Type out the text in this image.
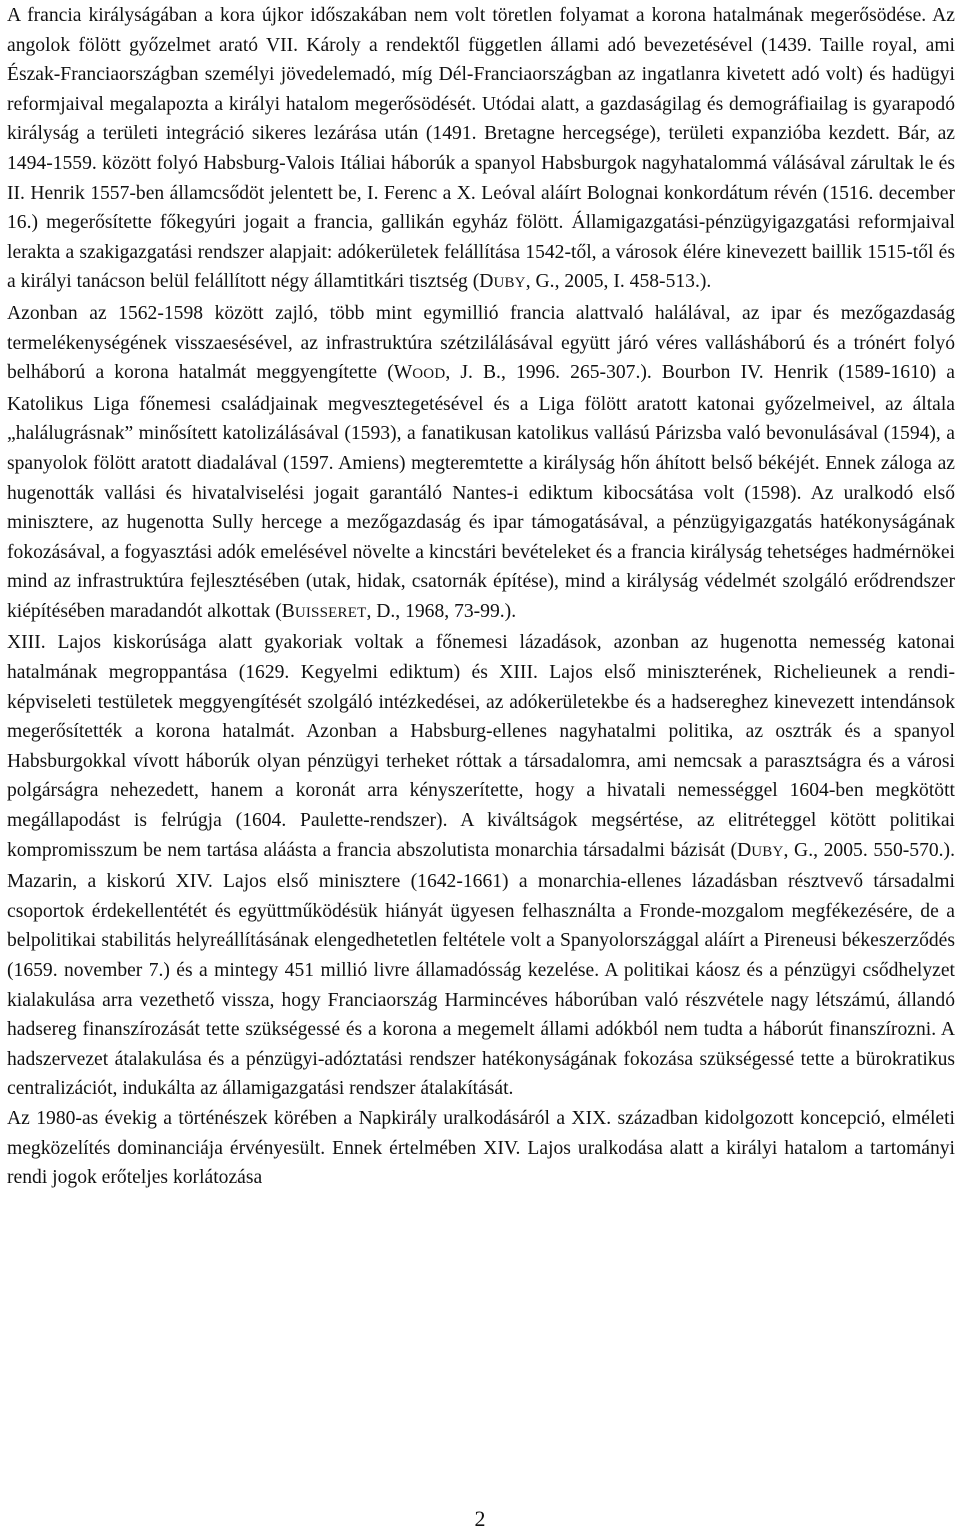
A francia királyságában a kora újkor időszakában nem volt töretlen folyamat a korona hatalmának megerősödése. Az angolok fölött győzelmet arató VII. Károly a rendektől független állami adó bevezetésével (1439. Taille royal, ami Észak-Franciaországban személyi jövedelemadó, míg Dél-Franciaországban az ingatlanra kivetett adó volt) és hadügyi reformjaival megalapozta a királyi hatalom megerősödését. Utódai alatt, a gazdaságilag és demográfiailag is gyarapodó királyság a területi integráció sikeres lezárása után (1491. Bretagne hercegsége), területi expanzióba kezdett. Bár, az 1494-1559. között folyó Habsburg-Valois Itáliai háborúk a spanyol Habsburgok nagyhatalommá válásával zárultak le és II. Henrik 1557-ben államcsődöt jelentett be, I. Ferenc a X. Leóval aláírt Bolognai konkordátum révén (1516. december 16.) megerősítette főkegyúri jogait a francia, gallikán egyház fölött. Államigazgatási-pénzügyigazgatási reformjaival lerakta a szakigazgatási rendszer alapjait: adókerületek felállítása 1542-től, a városok élére kinevezett baillik 1515-től és a királyi tanácson belül felállított négy államtitkári tisztség (DUBY, G., 2005, I. 458-513.).

Azonban az 1562-1598 között zajló, több mint egymillió francia alattvaló halálával, az ipar és mezőgazdaság termelékenységének visszaesésével, az infrastruktúra szétzilálásával együtt járó véres vallásháború és a trónért folyó belháború a korona hatalmát meggyengítette (WOOD, J. B., 1996. 265-307.). Bourbon IV. Henrik (1589-1610) a Katolikus Liga főnemesi családjainak megvesztegetésével és a Liga fölött aratott katonai győzelmeivel, az általa „halálugrásnak” minősített katolizálásával (1593), a fanatikusan katolikus vallású Párizsba való bevonulásával (1594), a spanyolok fölött aratott diadalával (1597. Amiens) megteremtette a királyság hőn áhított belső békéjét. Ennek záloga az hugenották vallási és hivatalviselési jogait garantáló Nantes-i ediktum kibocsátása volt (1598). Az uralkodó első minisztere, az hugenotta Sully hercege a mezőgazdaság és ipar támogatásával, a pénzügyigazgatás hatékonyságának fokozásával, a fogyasztási adók emelésével növelte a kincstári bevételeket és a francia királyság tehetséges hadmérnökei mind az infrastruktúra fejlesztésében (utak, hidak, csatornák építése), mind a királyság védelmét szolgáló erődrendszer kiépítésében maradandót alkottak (BUISSERET, D., 1968, 73-99.).

XIII. Lajos kiskorúsága alatt gyakoriak voltak a főnemesi lázadások, azonban az hugenotta nemesség katonai hatalmának megroppantása (1629. Kegyelmi ediktum) és XIII. Lajos első miniszterének, Richelieunek a rendi-képviseleti testületek meggyengítését szolgáló intézkedései, az adókerületekbe és a hadsereghez kinevezett intendánsok megerősítették a korona hatalmát. Azonban a Habsburg-ellenes nagyhatalmi politika, az osztrák és a spanyol Habsburgokkal vívott háborúk olyan pénzügyi terheket róttak a társadalomra, ami nemcsak a parasztságra és a városi polgárságra nehezedett, hanem a koronát arra kényszerítette, hogy a hivatali nemességgel 1604-ben megkötött megállapodást is felrúgja (1604. Paulette-rendszer). A kiváltságok megsértése, az elitréteggel kötött politikai kompromisszum be nem tartása aláásta a francia abszolutista monarchia társadalmi bázisát (DUBY, G., 2005. 550-570.). Mazarin, a kiskorú XIV. Lajos első minisztere (1642-1661) a monarchia-ellenes lázadásban résztvevő társadalmi csoportok érdekellentétét és együttműködésük hiányát ügyesen felhasználta a Fronde-mozgalom megfékezésére, de a belpolitikai stabilitás helyreállításának elengedhetetlen feltétele volt a Spanyolországgal aláírt a Pireneusi békeszerződés (1659. november 7.) és a mintegy 451 millió livre államadósság kezelése. A politikai káosz és a pénzügyi csődhelyzet kialakulása arra vezethető vissza, hogy Franciaország Harmincéves háborúban való részvétele nagy létszámú, állandó hadsereg finanszírozását tette szükségessé és a korona a megemelt állami adókból nem tudta a háborút finanszírozni. A hadszervezet átalakulása és a pénzügyi-adóztatási rendszer hatékonyságának fokozása szükségessé tette a bürokratikus centralizációt, indukálta az államigazgatási rendszer átalakítását.

Az 1980-as évekig a történészek körében a Napkirály uralkodásáról a XIX. században kidolgozott koncepció, elméleti megközelítés dominanciája érvényesült. Ennek értelmében XIV. Lajos uralkodása alatt a királyi hatalom a tartományi rendi jogok erőteljes korlátozása

2
